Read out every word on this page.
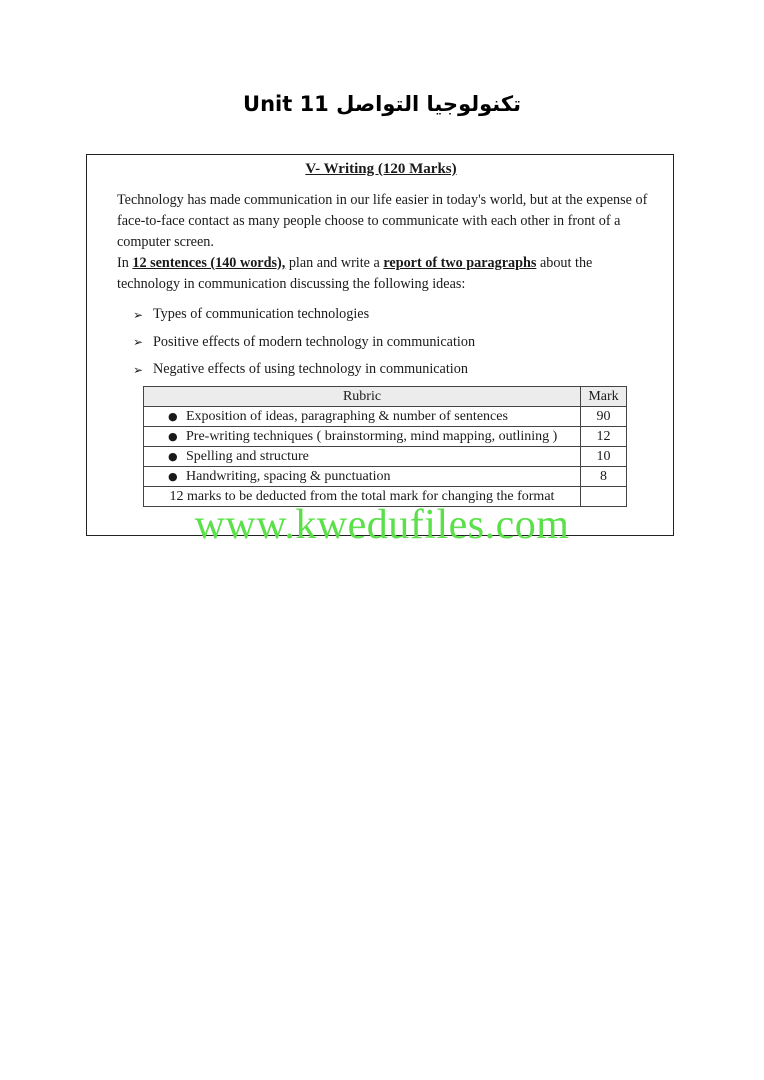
Unit 11 تكنولوجيا التواصل
V- Writing (120 Marks)

Technology has made communication in our life easier in today's world, but at the expense of face-to-face contact as many people choose to communicate with each other in front of a computer screen.

In 12 sentences (140 words), plan and write a report of two paragraphs about the technology in communication discussing the following ideas:

➢ Types of communication technologies
➢ Positive effects of modern technology in communication
➢ Negative effects of using technology in communication
Rubric	Mark
● Exposition of ideas, paragraphing & number of sentences	90
● Pre-writing techniques ( brainstorming, mind mapping, outlining )	12
● Spelling and structure	10
● Handwriting, spacing & punctuation	8
12 marks to be deducted from the total mark for changing the format	
www.kwedufiles.com
